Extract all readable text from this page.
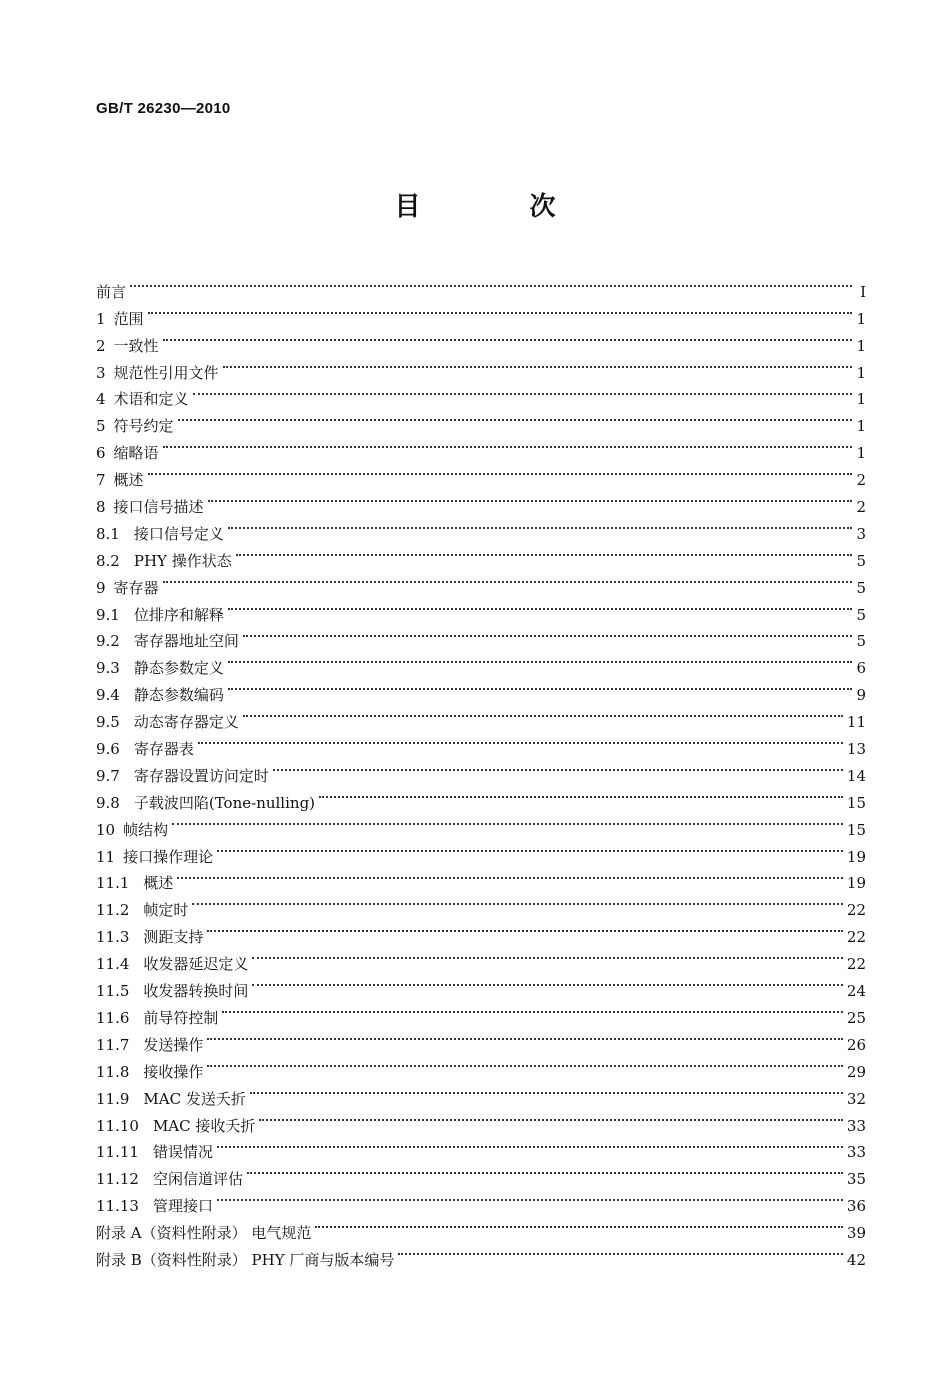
GB/T 26230—2010
目 次
前言	Ⅰ
1 范围	1
2 一致性	1
3 规范性引用文件	1
4 术语和定义	1
5 符号约定	1
6 缩略语	1
7 概述	2
8 接口信号描述	2
8.1 接口信号定义	3
8.2 PHY 操作状态	5
9 寄存器	5
9.1 位排序和解释	5
9.2 寄存器地址空间	5
9.3 静态参数定义	6
9.4 静态参数编码	9
9.5 动态寄存器定义	11
9.6 寄存器表	13
9.7 寄存器设置访问定时	14
9.8 子载波凹陷(Tone-nulling)	15
10 帧结构	15
11 接口操作理论	19
11.1 概述	19
11.2 帧定时	22
11.3 测距支持	22
11.4 收发器延迟定义	22
11.5 收发器转换时间	24
11.6 前导符控制	25
11.7 发送操作	26
11.8 接收操作	29
11.9 MAC 发送夭折	32
11.10 MAC 接收夭折	33
11.11 错误情况	33
11.12 空闲信道评估	35
11.13 管理接口	36
附录 A（资料性附录） 电气规范	39
附录 B（资料性附录） PHY 厂商与版本编号	42
